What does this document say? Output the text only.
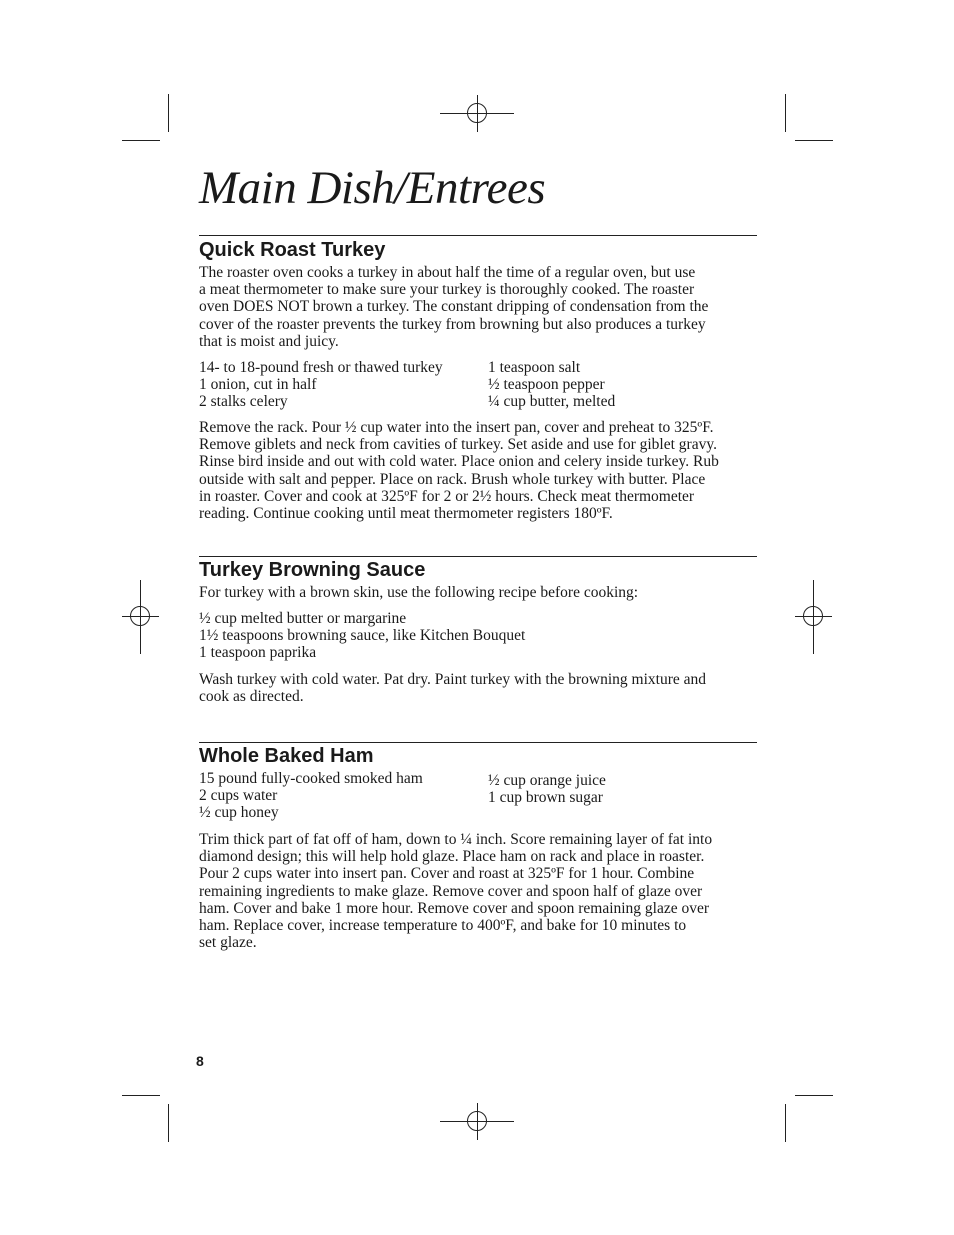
Main Dish/Entrees
Quick Roast Turkey

The roaster oven cooks a turkey in about half the time of a regular oven, but use
a meat thermometer to make sure your turkey is thoroughly cooked. The roaster
oven DOES NOT brown a turkey. The constant dripping of condensation from the
cover of the roaster prevents the turkey from browning but also produces a turkey
that is moist and juicy.

14- to 18-pound fresh or thawed turkey
1 onion, cut in half
2 stalks celery
1 teaspoon salt
½ teaspoon pepper
¼ cup butter, melted

Remove the rack. Pour ½ cup water into the insert pan, cover and preheat to 325ºF.
Remove giblets and neck from cavities of turkey. Set aside and use for giblet gravy.
Rinse bird inside and out with cold water. Place onion and celery inside turkey. Rub
outside with salt and pepper. Place on rack. Brush whole turkey with butter. Place
in roaster. Cover and cook at 325ºF for 2 or 2½ hours. Check meat thermometer
reading. Continue cooking until meat thermometer registers 180ºF.

Turkey Browning Sauce

For turkey with a brown skin, use the following recipe before cooking:

½ cup melted butter or margarine
1½ teaspoons browning sauce, like Kitchen Bouquet
1 teaspoon paprika

Wash turkey with cold water. Pat dry. Paint turkey with the browning mixture and
cook as directed.

Whole Baked Ham
15 pound fully-cooked smoked ham
2 cups water
½ cup honey
½ cup orange juice
1 cup brown sugar

Trim thick part of fat off of ham, down to ¼ inch. Score remaining layer of fat into
diamond design; this will help hold glaze. Place ham on rack and place in roaster.
Pour 2 cups water into insert pan. Cover and roast at 325ºF for 1 hour. Combine
remaining ingredients to make glaze. Remove cover and spoon half of glaze over
ham. Cover and bake 1 more hour. Remove cover and spoon remaining glaze over
ham. Replace cover, increase temperature to 400ºF, and bake for 10 minutes to
set glaze.

8
